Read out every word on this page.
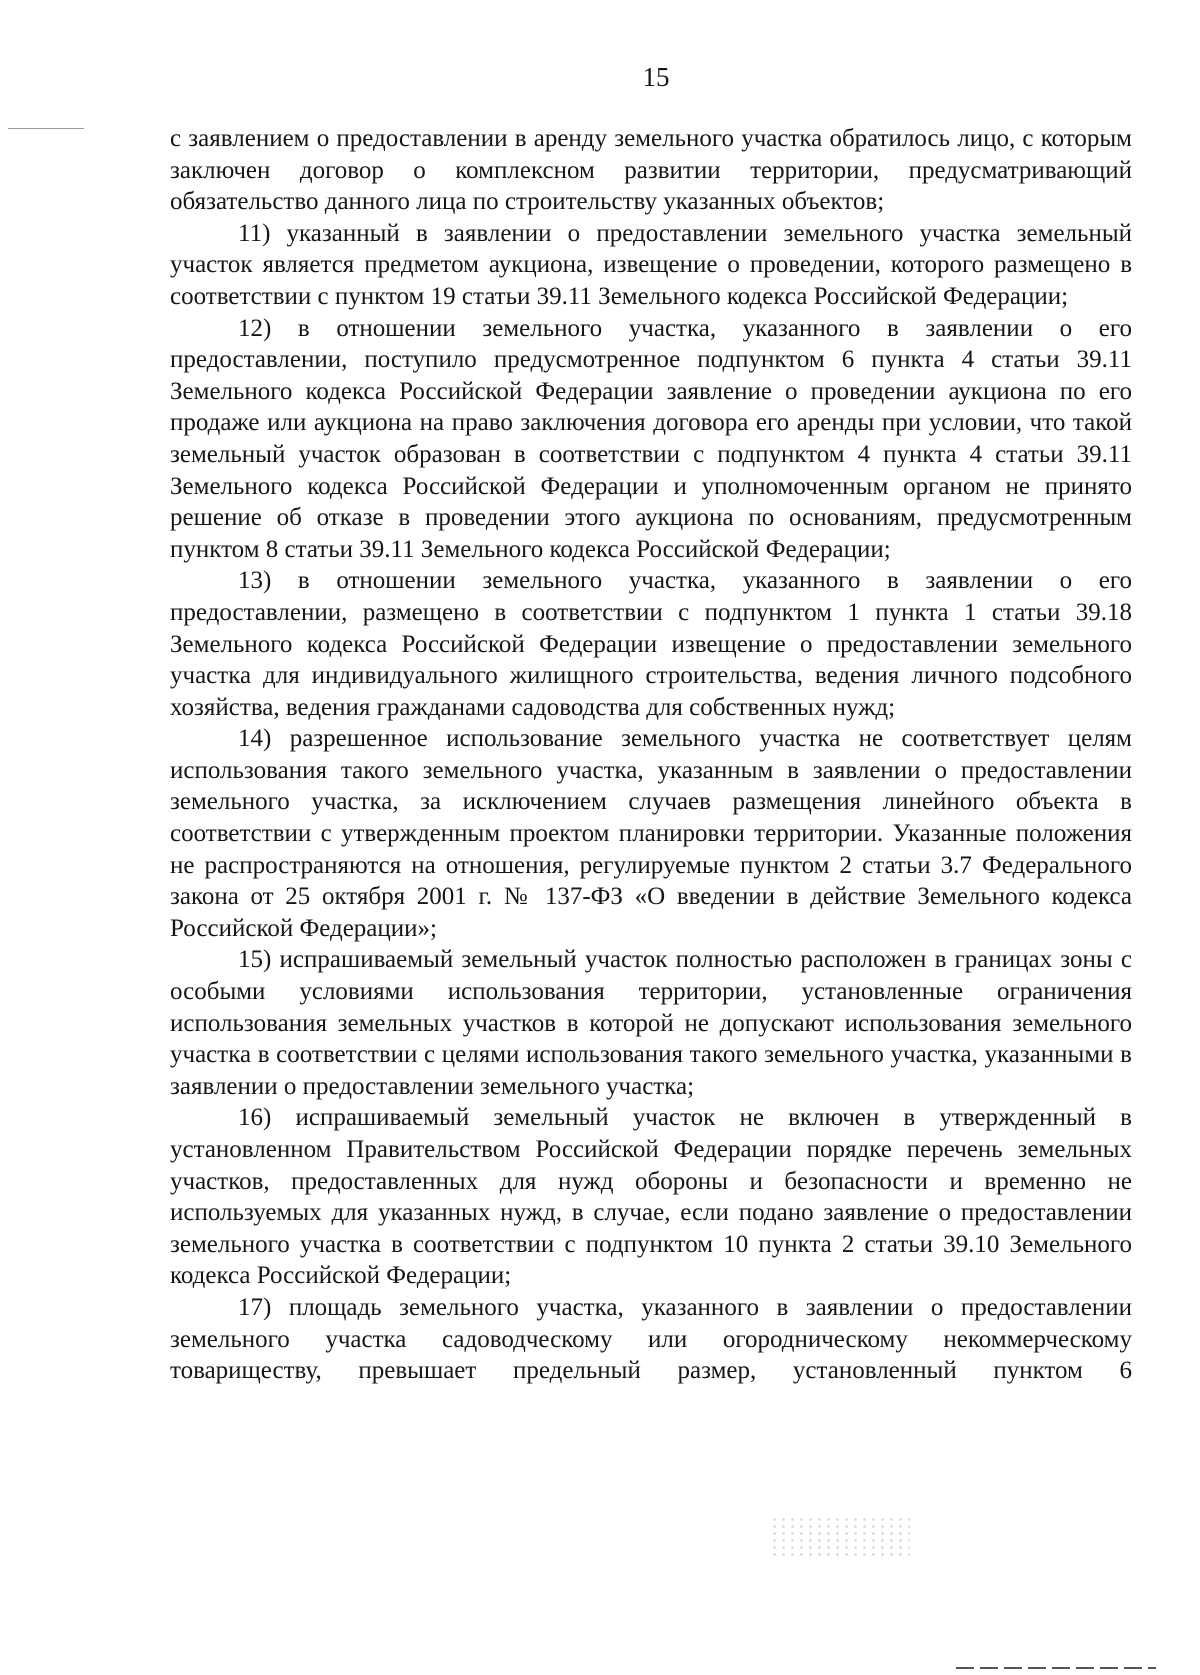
15

с заявлением о предоставлении в аренду земельного участка обратилось лицо, с которым заключен договор о комплексном развитии территории, предусматривающий обязательство данного лица по строительству указанных объектов;

11) указанный в заявлении о предоставлении земельного участка земельный участок является предметом аукциона, извещение о проведении, которого размещено в соответствии с пунктом 19 статьи 39.11 Земельного кодекса Российской Федерации;

12) в отношении земельного участка, указанного в заявлении о его предоставлении, поступило предусмотренное подпунктом 6 пункта 4 статьи 39.11 Земельного кодекса Российской Федерации заявление о проведении аукциона по его продаже или аукциона на право заключения договора его аренды при условии, что такой земельный участок образован в соответствии с подпунктом 4 пункта 4 статьи 39.11 Земельного кодекса Российской Федерации и уполномоченным органом не принято решение об отказе в проведении этого аукциона по основаниям, предусмотренным пунктом 8 статьи 39.11 Земельного кодекса Российской Федерации;

13) в отношении земельного участка, указанного в заявлении о его предоставлении, размещено в соответствии с подпунктом 1 пункта 1 статьи 39.18 Земельного кодекса Российской Федерации извещение о предоставлении земельного участка для индивидуального жилищного строительства, ведения личного подсобного хозяйства, ведения гражданами садоводства для собственных нужд;

14) разрешенное использование земельного участка не соответствует целям использования такого земельного участка, указанным в заявлении о предоставлении земельного участка, за исключением случаев размещения линейного объекта в соответствии с утвержденным проектом планировки территории. Указанные положения не распространяются на отношения, регулируемые пунктом 2 статьи 3.7 Федерального закона от 25 октября 2001 г. № 137-ФЗ «О введении в действие Земельного кодекса Российской Федерации»;

15) испрашиваемый земельный участок полностью расположен в границах зоны с особыми условиями использования территории, установленные ограничения использования земельных участков в которой не допускают использования земельного участка в соответствии с целями использования такого земельного участка, указанными в заявлении о предоставлении земельного участка;

16) испрашиваемый земельный участок не включен в утвержденный в установленном Правительством Российской Федерации порядке перечень земельных участков, предоставленных для нужд обороны и безопасности и временно не используемых для указанных нужд, в случае, если подано заявление о предоставлении земельного участка в соответствии с подпунктом 10 пункта 2 статьи 39.10 Земельного кодекса Российской Федерации;

17) площадь земельного участка, указанного в заявлении о предоставлении земельного участка садоводческому или огородническому некоммерческому товариществу, превышает предельный размер, установленный пунктом 6
